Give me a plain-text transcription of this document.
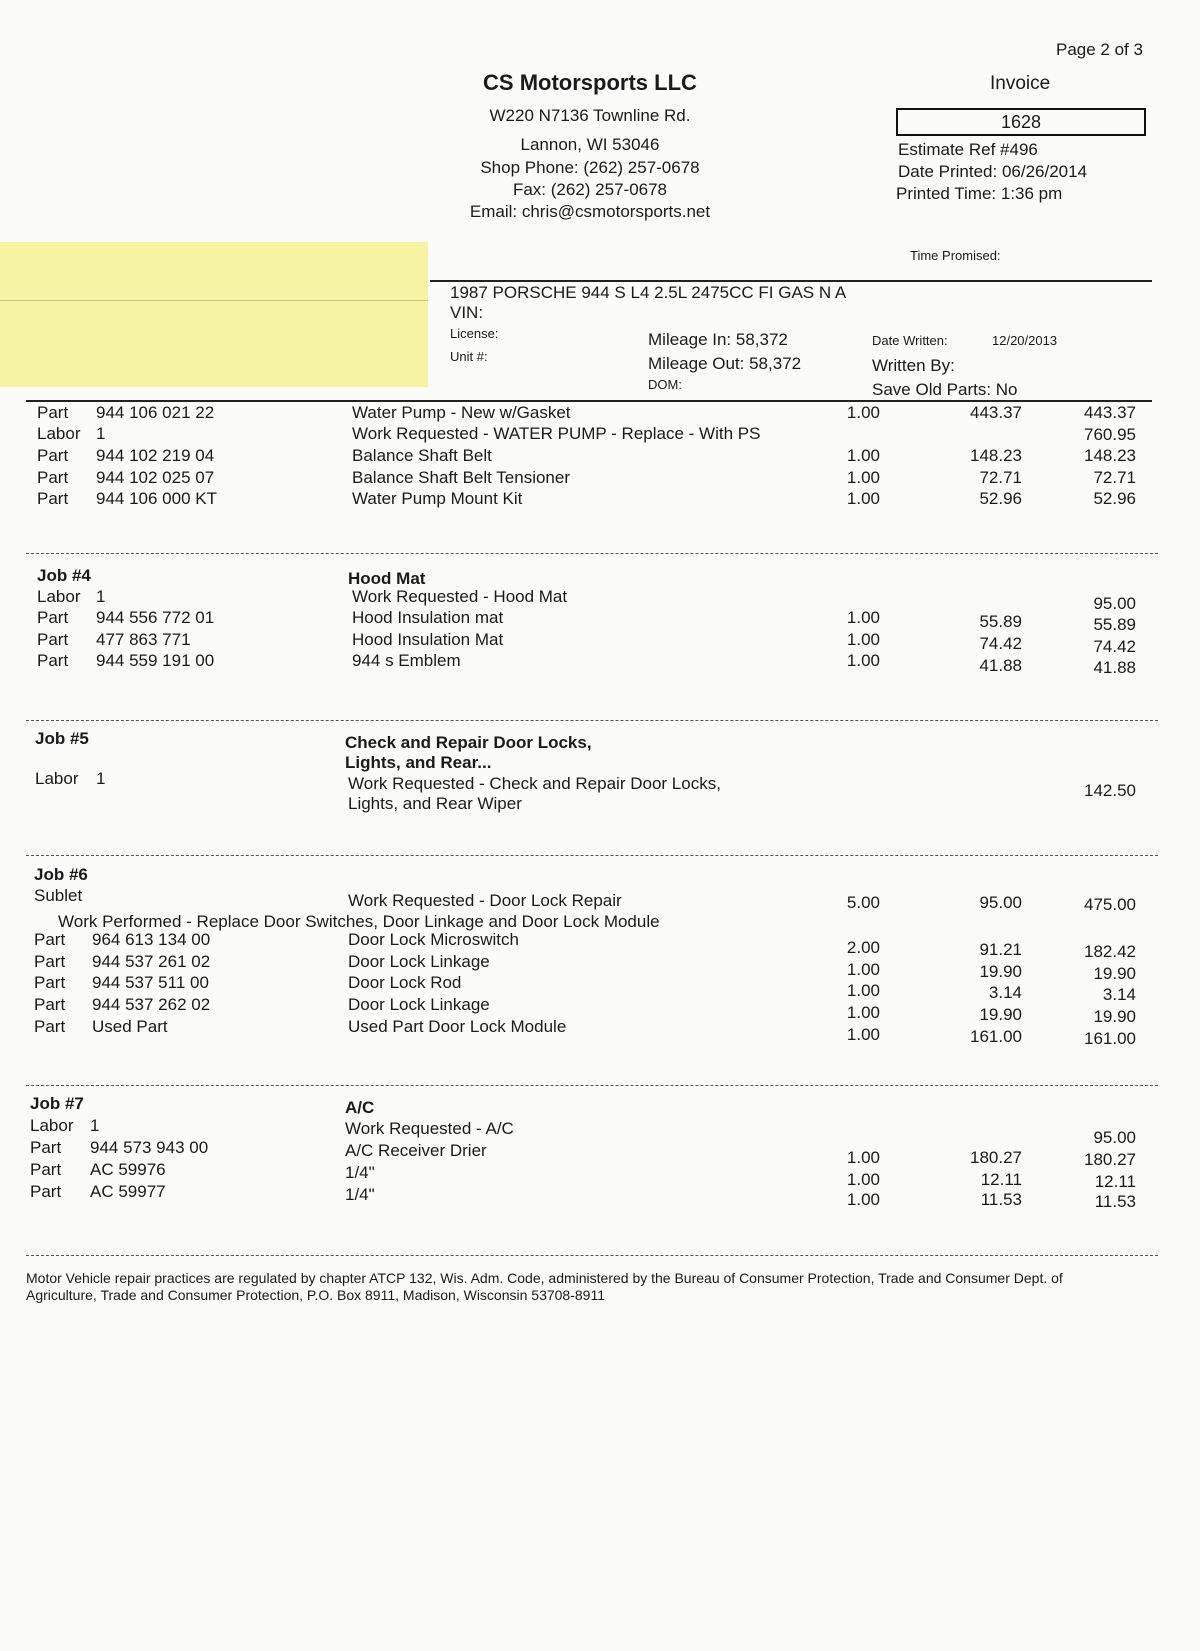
Page 2 of 3
CS Motorsports LLC
W220 N7136 Townline Rd.
Lannon, WI 53046
Shop Phone: (262) 257-0678
Fax: (262) 257-0678
Email: chris@csmotorsports.net
Invoice
1628
Estimate Ref #496
Date Printed: 06/26/2014
Printed Time: 1:36 pm
Time Promised:
1987 PORSCHE 944 S L4 2.5L 2475CC FI GAS N A
VIN:
License:
Unit #:
Mileage In: 58,372
Mileage Out: 58,372
DOM:
Date Written:	12/20/2013
Written By:
Save Old Parts: No
Part 944 106 021 22	Water Pump - New w/Gasket	1.00	443.37	443.37
Labor 1	Work Requested - WATER PUMP - Replace - With PS	760.95
Part 944 102 219 04	Balance Shaft Belt	1.00	148.23	148.23
Part 944 102 025 07	Balance Shaft Belt Tensioner	1.00	72.71	72.71
Part 944 106 000 KT	Water Pump Mount Kit	1.00	52.96	52.96
Job #4	Hood Mat
Labor 1	Work Requested - Hood Mat	95.00
Part 944 556 772 01	Hood Insulation mat	1.00	55.89	55.89
Part 477 863 771	Hood Insulation Mat	1.00	74.42	74.42
Part 944 559 191 00	944 s Emblem	1.00	41.88	41.88
Job #5	Check and Repair Door Locks,
Lights, and Rear...
Labor 1	Work Requested - Check and Repair Door Locks,	142.50
Lights, and Rear Wiper
Job #6
Sublet	Work Requested - Door Lock Repair	5.00	95.00	475.00
Work Performed - Replace Door Switches, Door Linkage and Door Lock Module
Part 964 613 134 00	Door Lock Microswitch	2.00	91.21	182.42
Part 944 537 261 02	Door Lock Linkage	1.00	19.90	19.90
Part 944 537 511 00	Door Lock Rod	1.00	3.14	3.14
Part 944 537 262 02	Door Lock Linkage	1.00	19.90	19.90
Part Used Part	Used Part Door Lock Module	1.00	161.00	161.00
Job #7	A/C
Labor 1	Work Requested - A/C	95.00
Part 944 573 943 00	A/C Receiver Drier	1.00	180.27	180.27
Part AC 59976	1/4"	1.00	12.11	12.11
Part AC 59977	1/4"	1.00	11.53	11.53
Motor Vehicle repair practices are regulated by chapter ATCP 132, Wis. Adm. Code, administered by the Bureau of Consumer Protection, Trade and Consumer Dept. of Agriculture, Trade and Consumer Protection, P.O. Box 8911, Madison, Wisconsin 53708-8911
